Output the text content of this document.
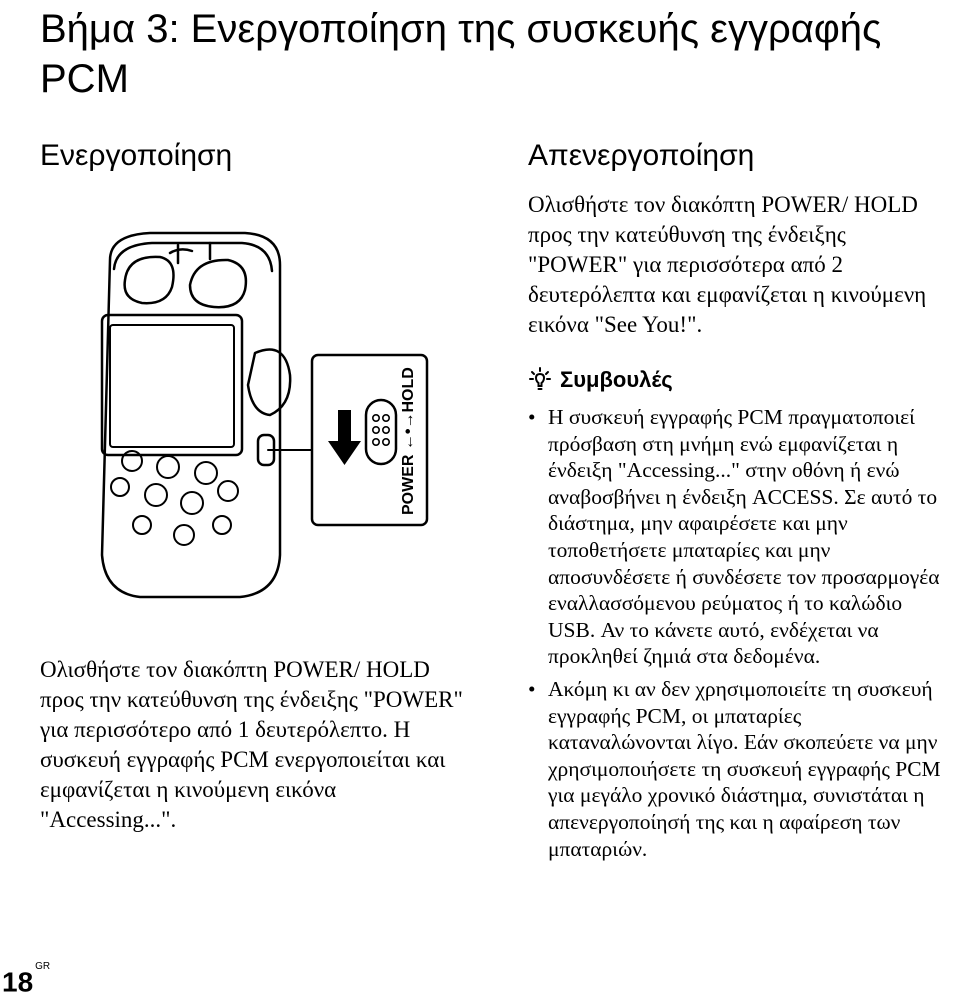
Βήμα 3: Ενεργοποίηση της συσκευής εγγραφής PCM
Ενεργοποίηση	Απενεργοποίηση
POWER ←•→HOLD

Ολισθήστε τον διακόπτη POWER/ HOLD προς την κατεύθυνση της ένδειξης "POWER" για περισσότερο από 1 δευτερόλεπτο. Η συσκευή εγγραφής PCM ενεργοποιείται και εμφανίζεται η κινούμενη εικόνα "Accessing...".

Ολισθήστε τον διακόπτη POWER/ HOLD προς την κατεύθυνση της ένδειξης "POWER" για περισσότερα από 2 δευτερόλεπτα και εμφανίζεται η κινούμενη εικόνα "See You!".

Συμβουλές
• Η συσκευή εγγραφής PCM πραγματοποιεί πρόσβαση στη μνήμη ενώ εμφανίζεται η ένδειξη "Accessing..." στην οθόνη ή ενώ αναβοσβήνει η ένδειξη ACCESS. Σε αυτό το διάστημα, μην αφαιρέσετε και μην τοποθετήσετε μπαταρίες και μην αποσυνδέσετε ή συνδέσετε τον προσαρμογέα εναλλασσόμενου ρεύματος ή το καλώδιο USB. Αν το κάνετε αυτό, ενδέχεται να προκληθεί ζημιά στα δεδομένα.
• Ακόμη κι αν δεν χρησιμοποιείτε τη συσκευή εγγραφής PCM, οι μπαταρίες καταναλώνονται λίγο. Εάν σκοπεύετε να μην χρησιμοποιήσετε τη συσκευή εγγραφής PCM για μεγάλο χρονικό διάστημα, συνιστάται η απενεργοποίησή της και η αφαίρεση των μπαταριών.
18 $^{GR}$
